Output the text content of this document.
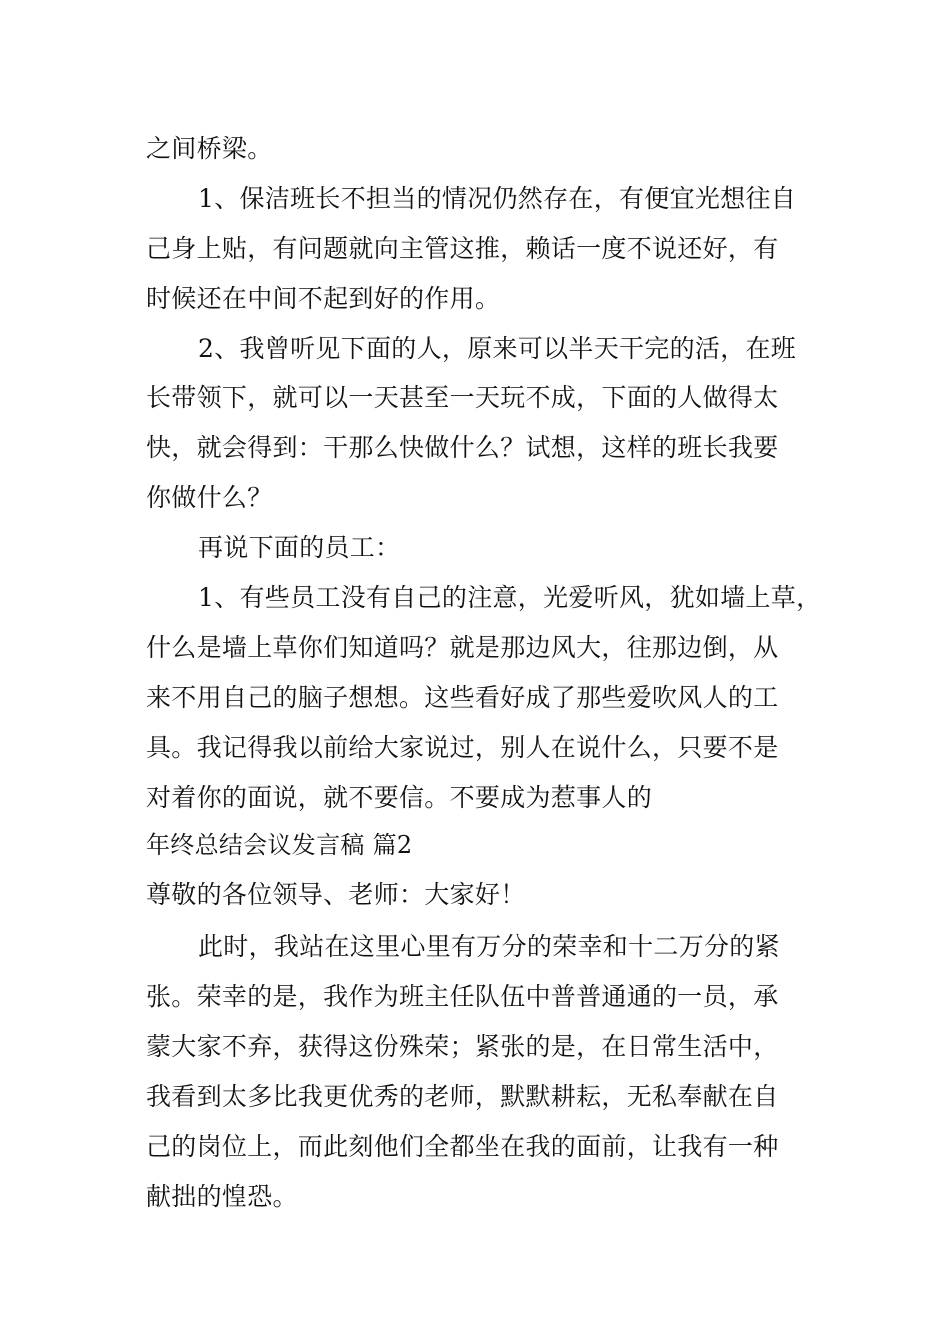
之间桥梁。
1、保洁班长不担当的情况仍然存在，有便宜光想往自
己身上贴，有问题就向主管这推，赖话一度不说还好，有
时候还在中间不起到好的作用。
2、我曾听见下面的人，原来可以半天干完的活，在班
长带领下，就可以一天甚至一天玩不成，下面的人做得太
快，就会得到：干那么快做什么？试想，这样的班长我要
你做什么？
再说下面的员工：
1、有些员工没有自己的注意，光爱听风，犹如墙上草，
什么是墙上草你们知道吗？就是那边风大，往那边倒，从
来不用自己的脑子想想。这些看好成了那些爱吹风人的工
具。我记得我以前给大家说过，别人在说什么，只要不是
对着你的面说，就不要信。不要成为惹事人的
年终总结会议发言稿 篇2
尊敬的各位领导、老师：大家好！
此时，我站在这里心里有万分的荣幸和十二万分的紧
张。荣幸的是，我作为班主任队伍中普普通通的一员，承
蒙大家不弃，获得这份殊荣；紧张的是，在日常生活中，
我看到太多比我更优秀的老师，默默耕耘，无私奉献在自
己的岗位上，而此刻他们全都坐在我的面前，让我有一种
献拙的惶恐。
